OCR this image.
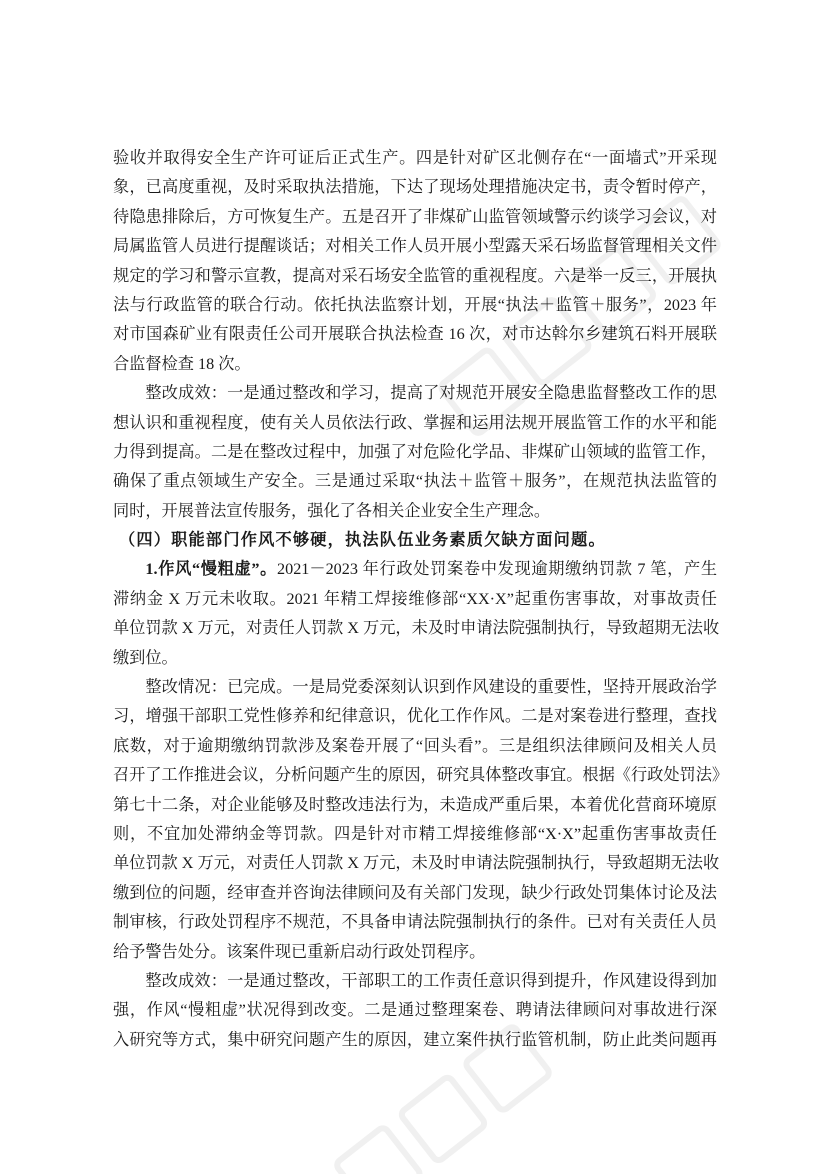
验收并取得安全生产许可证后正式生产。四是针对矿区北侧存在“一面墙式”开采现
象，已高度重视，及时采取执法措施，下达了现场处理措施决定书，责令暂时停产，
待隐患排除后，方可恢复生产。五是召开了非煤矿山监管领域警示约谈学习会议，对
局属监管人员进行提醒谈话；对相关工作人员开展小型露天采石场监督管理相关文件
规定的学习和警示宣教，提高对采石场安全监管的重视程度。六是举一反三，开展执
法与行政监管的联合行动。依托执法监察计划，开展“执法＋监管＋服务”，2023 年
对市国森矿业有限责任公司开展联合执法检查 16 次，对市达斡尔乡建筑石料开展联
合监督检查 18 次。
整改成效：一是通过整改和学习，提高了对规范开展安全隐患监督整改工作的思
想认识和重视程度，使有关人员依法行政、掌握和运用法规开展监管工作的水平和能
力得到提高。二是在整改过程中，加强了对危险化学品、非煤矿山领域的监管工作，
确保了重点领域生产安全。三是通过采取“执法＋监管＋服务”，在规范执法监管的
同时，开展普法宣传服务，强化了各相关企业安全生产理念。
（四）职能部门作风不够硬，执法队伍业务素质欠缺方面问题。
1.作风“慢粗虚”。2021－2023 年行政处罚案卷中发现逾期缴纳罚款 7 笔，产生
滞纳金 X 万元未收取。2021 年精工焊接维修部“XX·X”起重伤害事故，对事故责任
单位罚款 X 万元，对责任人罚款 X 万元，未及时申请法院强制执行，导致超期无法收
缴到位。
整改情况：已完成。一是局党委深刻认识到作风建设的重要性，坚持开展政治学
习，增强干部职工党性修养和纪律意识，优化工作作风。二是对案卷进行整理，查找
底数，对于逾期缴纳罚款涉及案卷开展了“回头看”。三是组织法律顾问及相关人员
召开了工作推进会议，分析问题产生的原因，研究具体整改事宜。根据《行政处罚法》
第七十二条，对企业能够及时整改违法行为，未造成严重后果，本着优化营商环境原
则，不宜加处滞纳金等罚款。四是针对市精工焊接维修部“X·X”起重伤害事故责任
单位罚款 X 万元，对责任人罚款 X 万元，未及时申请法院强制执行，导致超期无法收
缴到位的问题，经审查并咨询法律顾问及有关部门发现，缺少行政处罚集体讨论及法
制审核，行政处罚程序不规范，不具备申请法院强制执行的条件。已对有关责任人员
给予警告处分。该案件现已重新启动行政处罚程序。
整改成效：一是通过整改，干部职工的工作责任意识得到提升，作风建设得到加
强，作风“慢粗虚”状况得到改变。二是通过整理案卷、聘请法律顾问对事故进行深
入研究等方式，集中研究问题产生的原因，建立案件执行监管机制，防止此类问题再
